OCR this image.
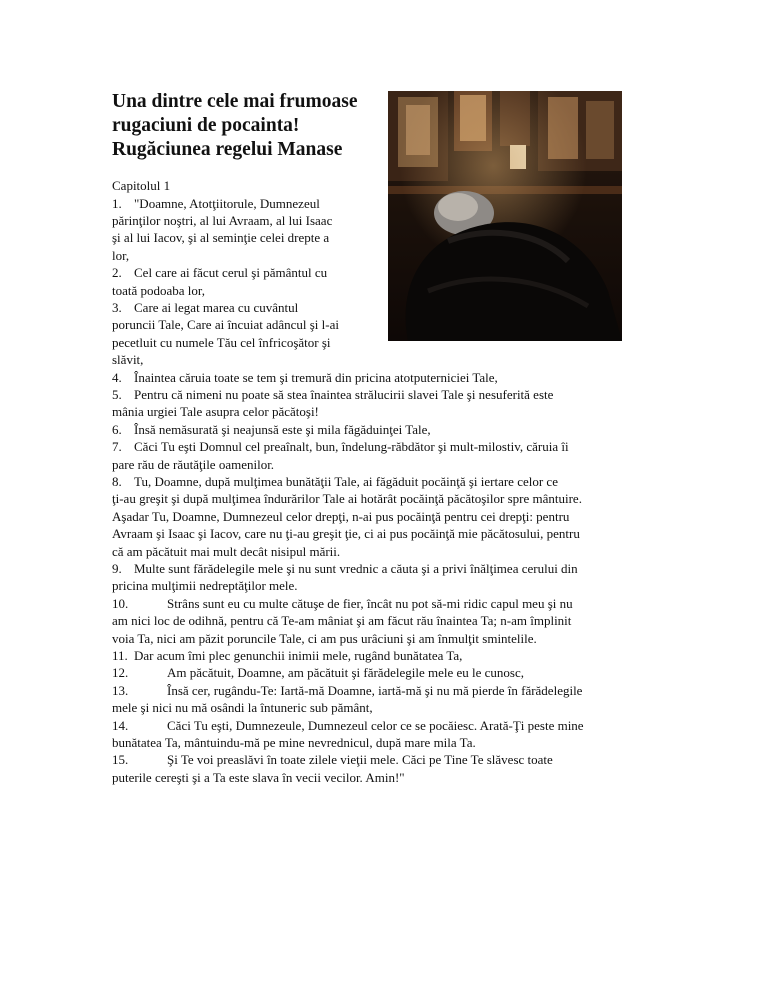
Una dintre cele mai frumoase
rugaciuni de pocainta!
Rugăciunea regelui Manase
Capitolul 1
1. "Doamne, Atotţiitorule, Dumnezeul
părinţilor noştri, al lui Avraam, al lui Isaac
şi al lui Iacov, şi al seminţie celei drepte a
lor,
2. Cel care ai făcut cerul şi pământul cu
toată podoaba lor,
3. Care ai legat marea cu cuvântul
poruncii Tale, Care ai încuiat adâncul şi l-ai
pecetluit cu numele Tău cel înfricoşător şi
slăvit,
4. Înaintea căruia toate se tem şi tremură din pricina atotputerniciei Tale,
5. Pentru că nimeni nu poate să stea înaintea strălucirii slavei Tale şi nesuferită este
mânia urgiei Tale asupra celor păcătoşi!
6. Însă nemăsurată şi neajunsă este şi mila făgăduinţei Tale,
7. Căci Tu eşti Domnul cel preaînalt, bun, îndelung-răbdător şi mult-milostiv, căruia îi
pare rău de răutăţile oamenilor.
8. Tu, Doamne, după mulţimea bunătăţii Tale, ai făgăduit pocăinţă şi iertare celor ce
ţi-au greşit şi după mulţimea îndurărilor Tale ai hotărât pocăinţă păcătoşilor spre mântuire.
Aşadar Tu, Doamne, Dumnezeul celor drepţi, n-ai pus pocăinţă pentru cei drepţi: pentru
Avraam şi Isaac şi Iacov, care nu ţi-au greşit ţie, ci ai pus pocăinţă mie păcătosului, pentru
că am păcătuit mai mult decât nisipul mării.
9. Multe sunt fărădelegile mele şi nu sunt vrednic a căuta şi a privi înălţimea cerului din
pricina mulţimii nedreptăţilor mele.
10.	Strâns sunt eu cu multe cătuşe de fier, încât nu pot să-mi ridic capul meu şi nu
am nici loc de odihnă, pentru că Te-am mâniat şi am făcut rău înaintea Ta; n-am împlinit
voia Ta, nici am păzit poruncile Tale, ci am pus urâciuni şi am înmulţit smintelile.
11. Dar acum îmi plec genunchii inimii mele, rugând bunătatea Ta,
12.	Am păcătuit, Doamne, am păcătuit şi fărădelegile mele eu le cunosc,
13.	Însă cer, rugându-Te: Iartă-mă Doamne, iartă-mă şi nu mă pierde în fărădelegile
mele şi nici nu mă osândi la întuneric sub pământ,
14.	Căci Tu eşti, Dumnezeule, Dumnezeul celor ce se pocăiesc. Arată-Ţi peste mine
bunătatea Ta, mântuindu-mă pe mine nevrednicul, după mare mila Ta.
15.	Şi Te voi preaslăvi în toate zilele vieţii mele. Căci pe Tine Te slăvesc toate
puterile cereşti şi a Ta este slava în vecii vecilor. Amin!"
